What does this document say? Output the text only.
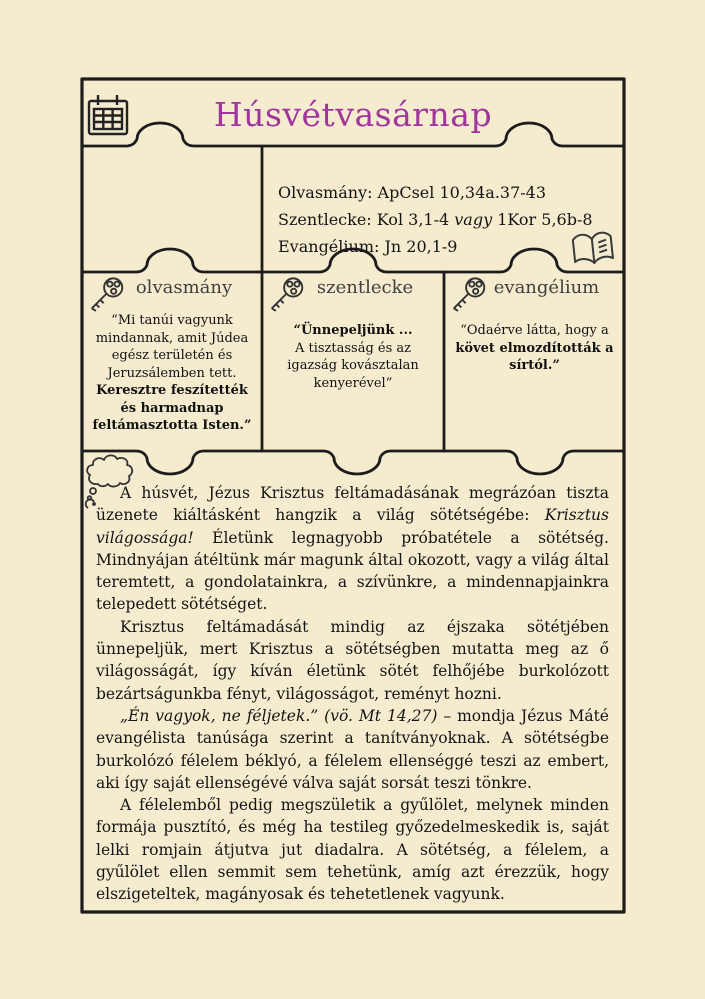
Húsvétvasárnap
Olvasmány: ApCsel 10,34a.37-43
Szentlecke: Kol 3,1-4 vagy 1Kor 5,6b-8
Evangélium: Jn 20,1-9
olvasmány
“Mi tanúi vagyunk mindannak, amit Júdea egész területén és Jeruzsálemben tett.
Keresztre feszítették és harmadnap feltámasztotta Isten.”
szentlecke
“Ünnepeljünk ...
A tisztasság és az igazság kovásztalan kenyerével”
evangélium
“Odaérve látta, hogy a
követ elmozdították a sírtól.”

A húsvét, Jézus Krisztus feltámadásának megrázóan tiszta üzenete kiáltásként hangzik a világ sötétségébe: Krisztus világossága! Életünk legnagyobb próbatétele a sötétség. Mindnyájan átéltünk már magunk által okozott, vagy a világ által teremtett, a gondolatainkra, a szívünkre, a mindennapjainkra telepedett sötétséget.

Krisztus feltámadását mindig az éjszaka sötétjében ünnepeljük, mert Krisztus a sötétségben mutatta meg az ő világosságát, így kíván életünk sötét felhőjébe burkolózott bezártságunkba fényt, világosságot, reményt hozni.

„Én vagyok, ne féljetek.” (vö. Mt 14,27) – mondja Jézus Máté evangélista tanúsága szerint a tanítványoknak. A sötétségbe burkolózó félelem béklyó, a félelem ellenséggé teszi az embert, aki így saját ellenségévé válva saját sorsát teszi tönkre.

A félelemből pedig megszületik a gyűlölet, melynek minden formája pusztító, és még ha testileg győzedelmeskedik is, saját lelki romjain átjutva jut diadalra. A sötétség, a félelem, a gyűlölet ellen semmit sem tehetünk, amíg azt érezzük, hogy elszigeteltek, magányosak és tehetetlenek vagyunk.
